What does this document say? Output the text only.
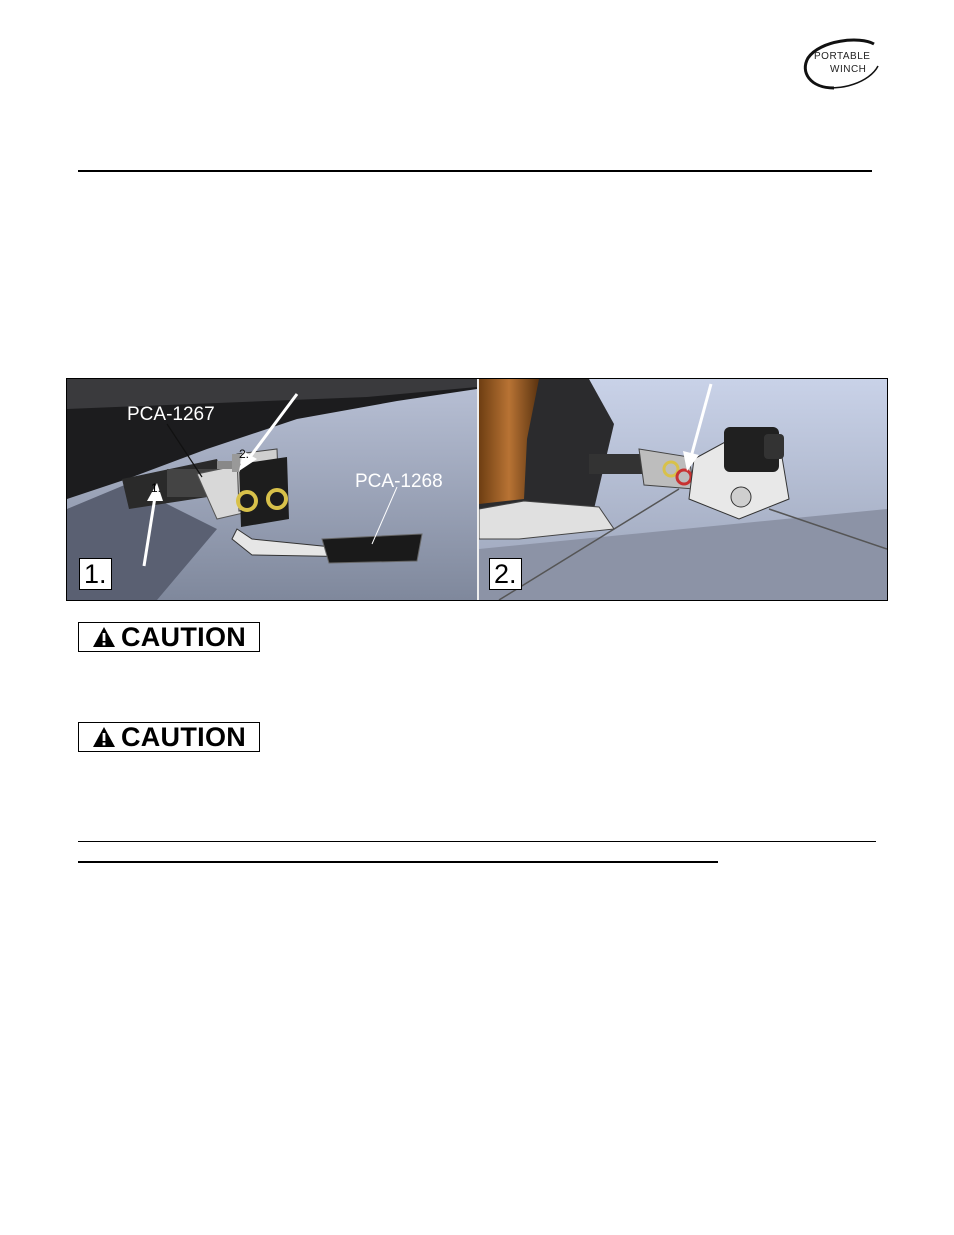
PORTABLE
WINCH
PCA-1267
PCA-1268
2.
1.
1.	2.
CAUTION
CAUTION
